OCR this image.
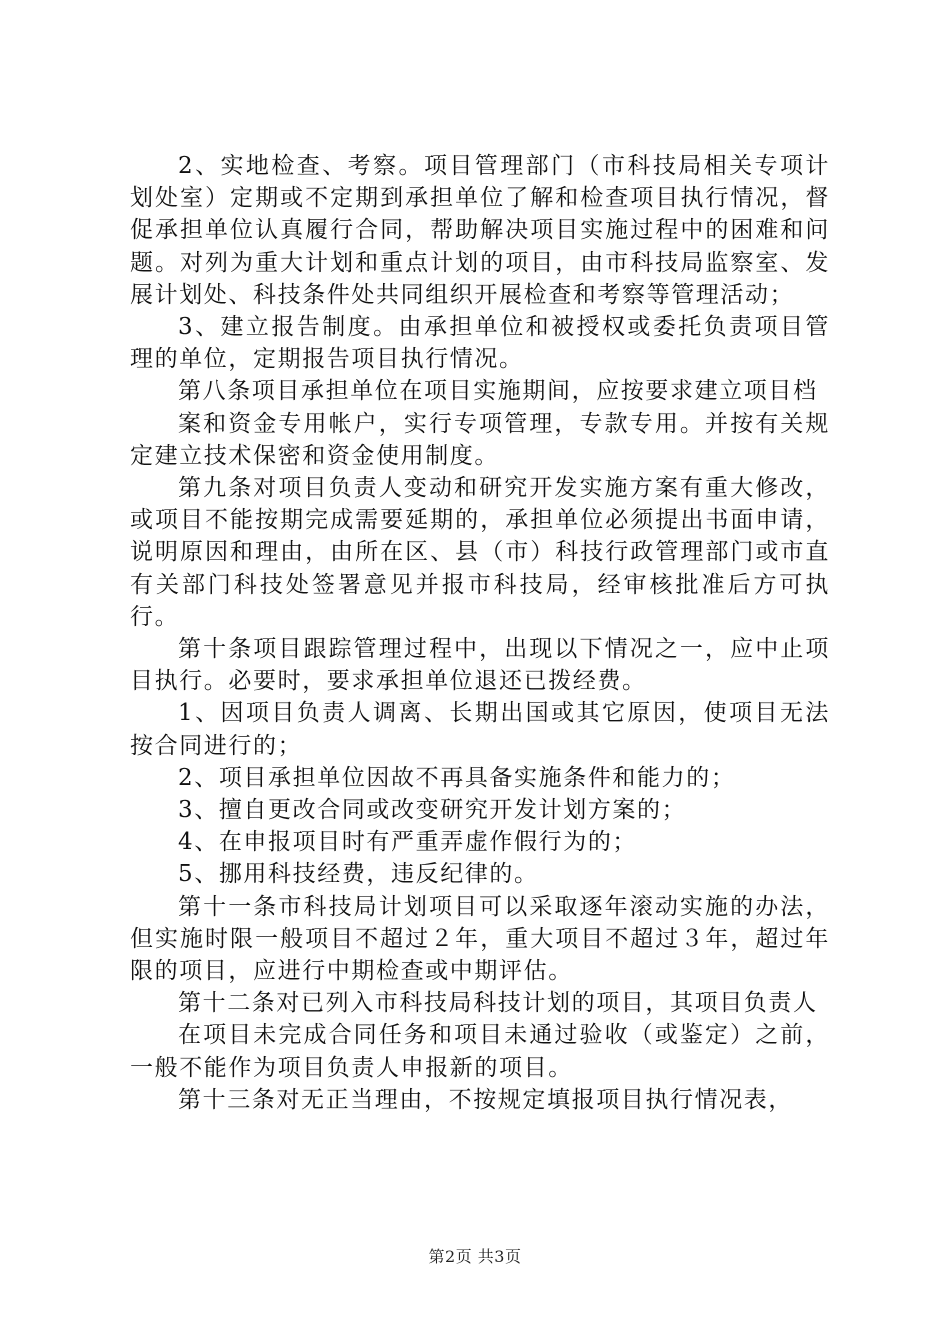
2、实地检查、考察。项目管理部门（市科技局相关专项计划处室）定期或不定期到承担单位了解和检查项目执行情况，督促承担单位认真履行合同，帮助解决项目实施过程中的困难和问题。对列为重大计划和重点计划的项目，由市科技局监察室、发展计划处、科技条件处共同组织开展检查和考察等管理活动；

3、建立报告制度。由承担单位和被授权或委托负责项目管理的单位，定期报告项目执行情况。

第八条项目承担单位在项目实施期间，应按要求建立项目档

案和资金专用帐户，实行专项管理，专款专用。并按有关规定建立技术保密和资金使用制度。

第九条对项目负责人变动和研究开发实施方案有重大修改，或项目不能按期完成需要延期的，承担单位必须提出书面申请，说明原因和理由，由所在区、县（市）科技行政管理部门或市直有关部门科技处签署意见并报市科技局，经审核批准后方可执行。

第十条项目跟踪管理过程中，出现以下情况之一，应中止项目执行。必要时，要求承担单位退还已拨经费。

1、因项目负责人调离、长期出国或其它原因，使项目无法按合同进行的；

2、项目承担单位因故不再具备实施条件和能力的；

3、擅自更改合同或改变研究开发计划方案的；

4、在申报项目时有严重弄虚作假行为的；

5、挪用科技经费，违反纪律的。

第十一条市科技局计划项目可以采取逐年滚动实施的办法，但实施时限一般项目不超过２年，重大项目不超过３年，超过年限的项目，应进行中期检查或中期评估。

第十二条对已列入市科技局科技计划的项目，其项目负责人

在项目未完成合同任务和项目未通过验收（或鉴定）之前，一般不能作为项目负责人申报新的项目。

第十三条对无正当理由，不按规定填报项目执行情况表，

第2页 共3页
